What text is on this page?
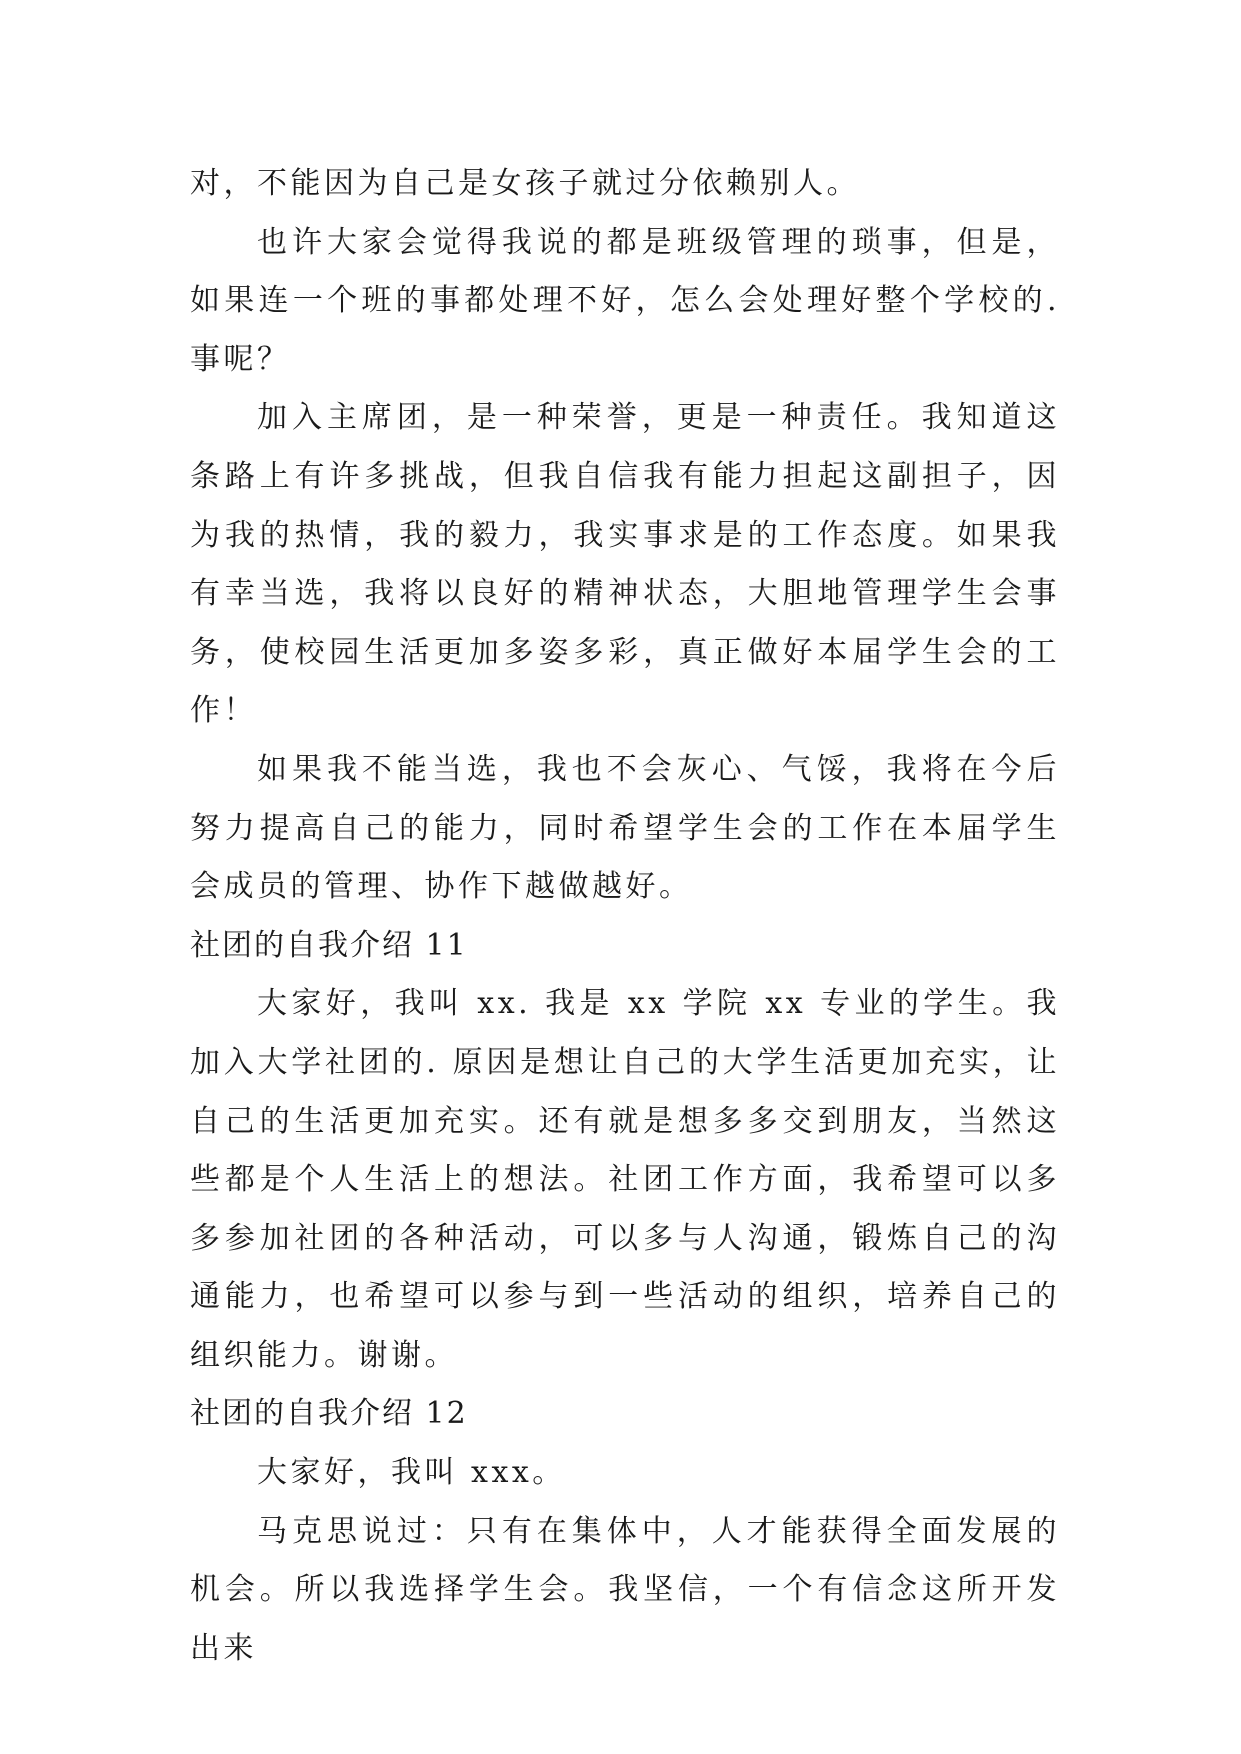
对，不能因为自己是女孩子就过分依赖别人。

也许大家会觉得我说的都是班级管理的琐事，但是，如果连一个班的事都处理不好，怎么会处理好整个学校的.事呢？

加入主席团，是一种荣誉，更是一种责任。我知道这条路上有许多挑战，但我自信我有能力担起这副担子，因为我的热情，我的毅力，我实事求是的工作态度。如果我有幸当选，我将以良好的精神状态，大胆地管理学生会事务，使校园生活更加多姿多彩，真正做好本届学生会的工作！

如果我不能当选，我也不会灰心、气馁，我将在今后努力提高自己的能力，同时希望学生会的工作在本届学生会成员的管理、协作下越做越好。

社团的自我介绍 11

大家好，我叫 xx. 我是 xx 学院 xx 专业的学生。我加入大学社团的. 原因是想让自己的大学生活更加充实，让自己的生活更加充实。还有就是想多多交到朋友，当然这些都是个人生活上的想法。社团工作方面，我希望可以多多参加社团的各种活动，可以多与人沟通，锻炼自己的沟通能力，也希望可以参与到一些活动的组织，培养自己的组织能力。谢谢。

社团的自我介绍 12

大家好，我叫 xxx。

马克思说过：只有在集体中，人才能获得全面发展的机会。所以我选择学生会。我坚信，一个有信念这所开发出来
